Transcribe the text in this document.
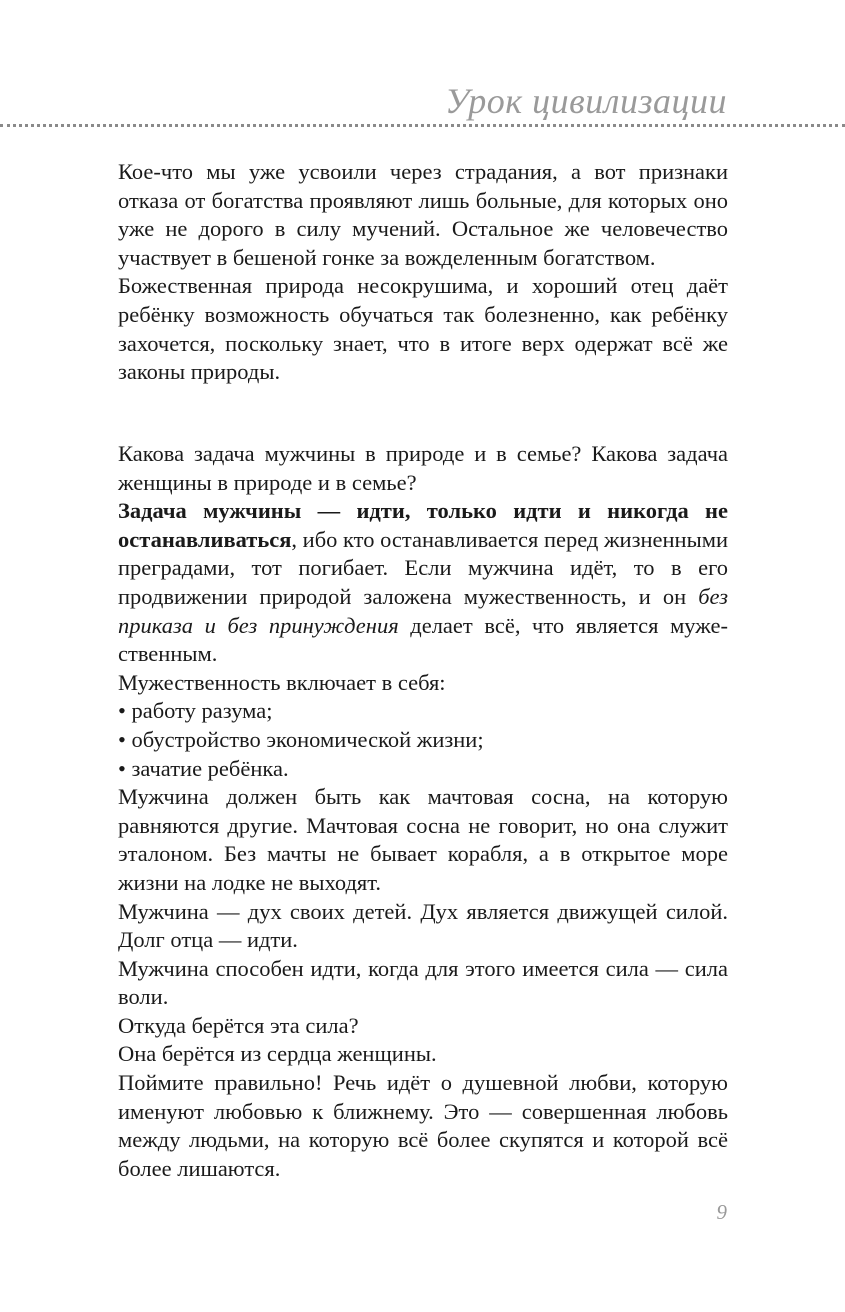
Урок цивилизации

Кое-что мы уже усвоили через страдания, а вот признаки отказа от богатства проявляют лишь больные, для которых оно уже не дорого в силу мучений. Остальное же человечество участвует в бешеной гонке за вожделенным богатством.

Божественная природа несокрушима, и хороший отец даёт ребёнку возможность обучаться так болезненно, как ребёнку захочется, поскольку знает, что в итоге верх одержат всё же законы природы.

Какова задача мужчины в природе и в семье? Какова задача женщины в природе и в семье?

Задача мужчины — идти, только идти и никогда не останавливаться, ибо кто останавливается перед жизненными преградами, тот погибает. Если мужчина идёт, то в его продвижении природой заложена мужественность, и он без приказа и без принуждения делает всё, что является мужественным.

Мужественность включает в себя:

• работу разума;
• обустройство экономической жизни;
• зачатие ребёнка.

Мужчина должен быть как мачтовая сосна, на которую равняются другие. Мачтовая сосна не говорит, но она служит эталоном. Без мачты не бывает корабля, а в открытое море жизни на лодке не выходят.

Мужчина — дух своих детей. Дух является движущей силой. Долг отца — идти.

Мужчина способен идти, когда для этого имеется сила — сила воли.

Откуда берётся эта сила?

Она берётся из сердца женщины.

Поймите правильно! Речь идёт о душевной любви, которую именуют любовью к ближнему. Это — совершенная любовь между людьми, на которую всё более скупятся и которой всё более лишаются.

9
